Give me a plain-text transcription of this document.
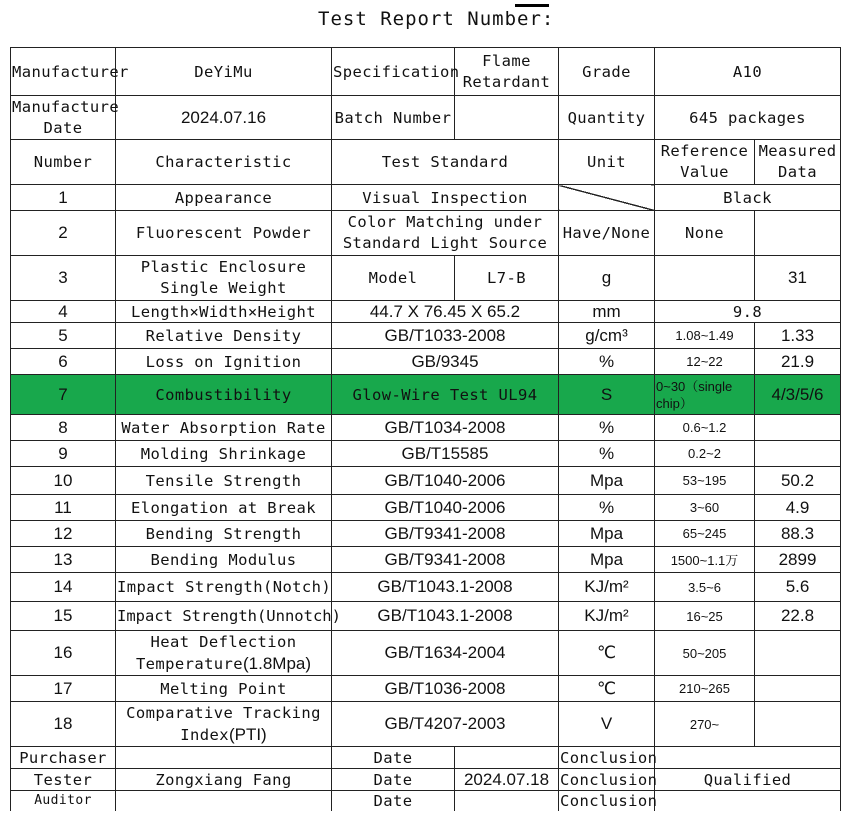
Test Report Number:
Manufacturer	DeYiMu	Specification	Flame Retardant	Grade	A10	
Manufacture Date	2024.07.16	Batch Number		Quantity	645 packages	
Number	Characteristic	Test Standard		Unit	Reference Value	Measured Data
1	Appearance	Visual Inspection			Black	
2	Fluorescent Powder	Color Matching under Standard Light Source		Have/None	None	
3	Plastic Enclosure Single Weight	Model	L7-B	g		31
4	Length×Width×Height	44.7 X 76.45 X 65.2		mm	9.8	
5	Relative Density	GB/T1033-2008		g/cm³	1.08~1.49	1.33
6	Loss on Ignition	GB/9345		%	12~22	21.9
7	Combustibility	Glow-Wire Test UL94		S	0~30（single chip）	4/3/5/6
8	Water Absorption Rate	GB/T1034-2008		%	0.6~1.2	
9	Molding Shrinkage	GB/T15585		%	0.2~2	
10	Tensile Strength	GB/T1040-2006		Mpa	53~195	50.2
11	Elongation at Break	GB/T1040-2006		%	3~60	4.9
12	Bending Strength	GB/T9341-2008		Mpa	65~245	88.3
13	Bending Modulus	GB/T9341-2008		Mpa	1500~1.1万	2899
14	Impact Strength(Notch)	GB/T1043.1-2008		KJ/m²	3.5~6	5.6
15	Impact Strength(Unnotch)	GB/T1043.1-2008		KJ/m²	16~25	22.8
16	Heat Deflection
Temperature(1.8Mpa)	GB/T1634-2004		℃	50~205	
17	Melting Point	GB/T1036-2008		℃	210~265	
18	Comparative Tracking
Index(PTI)	GB/T4207-2003		V	270~	
Purchaser		Date		Conclusion		
Tester	Zongxiang Fang	Date	2024.07.18	Conclusion	Qualified	
Auditor		Date		Conclusion		
